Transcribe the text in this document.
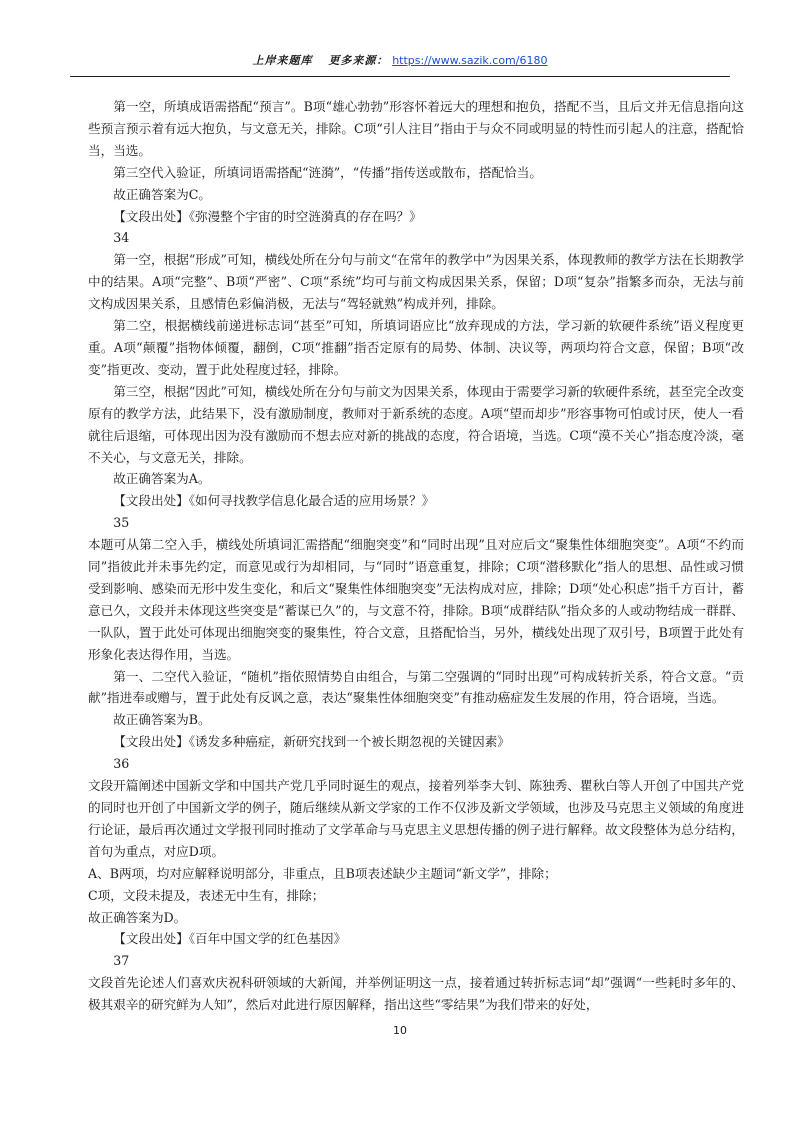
上岸来题库 更多来源： https://www.sazik.com/6180

第一空，所填成语需搭配“预言”。B项“雄心勃勃”形容怀着远大的理想和抱负，搭配不当，且后文并无信息指向这些预言预示着有远大抱负，与文意无关，排除。C项“引人注目”指由于与众不同或明显的特性而引起人的注意，搭配恰当，当选。

第三空代入验证，所填词语需搭配“涟漪”，“传播”指传送或散布，搭配恰当。

故正确答案为C。

【文段出处】《弥漫整个宇宙的时空涟漪真的存在吗？》

34

第一空，根据“形成”可知，横线处所在分句与前文“在常年的教学中”为因果关系，体现教师的教学方法在长期教学中的结果。A项“完整”、B项“严密”、C项“系统”均可与前文构成因果关系，保留；D项“复杂”指繁多而杂，无法与前文构成因果关系，且感情色彩偏消极，无法与“驾轻就熟”构成并列，排除。

第二空，根据横线前递进标志词“甚至”可知，所填词语应比“放弃现成的方法，学习新的软硬件系统”语义程度更重。A项“颠覆”指物体倾覆，翻倒，C项“推翻”指否定原有的局势、体制、决议等，两项均符合文意，保留；B项“改变”指更改、变动，置于此处程度过轻，排除。

第三空，根据“因此”可知，横线处所在分句与前文为因果关系，体现由于需要学习新的软硬件系统，甚至完全改变原有的教学方法，此结果下，没有激励制度，教师对于新系统的态度。A项“望而却步”形容事物可怕或讨厌，使人一看就往后退缩，可体现出因为没有激励而不想去应对新的挑战的态度，符合语境，当选。C项“漠不关心”指态度冷淡，毫不关心，与文意无关，排除。

故正确答案为A。

【文段出处】《如何寻找教学信息化最合适的应用场景？》

35

本题可从第二空入手，横线处所填词汇需搭配“细胞突变”和“同时出现”且对应后文“聚集性体细胞突变”。A项“不约而同”指彼此并未事先约定，而意见或行为却相同，与“同时”语意重复，排除；C项“潜移默化”指人的思想、品性或习惯受到影响、感染而无形中发生变化，和后文“聚集性体细胞突变”无法构成对应，排除；D项“处心积虑”指千方百计，蓄意已久，文段并未体现这些突变是“蓄谋已久”的，与文意不符，排除。B项“成群结队”指众多的人或动物结成一群群、一队队，置于此处可体现出细胞突变的聚集性，符合文意，且搭配恰当，另外，横线处出现了双引号，B项置于此处有形象化表达得作用，当选。

第一、二空代入验证，“随机”指依照情势自由组合，与第二空强调的“同时出现”可构成转折关系，符合文意。“贡献”指进奉或赠与，置于此处有反讽之意，表达“聚集性体细胞突变”有推动癌症发生发展的作用，符合语境，当选。

故正确答案为B。

【文段出处】《诱发多种癌症，新研究找到一个被长期忽视的关键因素》

36

文段开篇阐述中国新文学和中国共产党几乎同时诞生的观点，接着列举李大钊、陈独秀、瞿秋白等人开创了中国共产党的同时也开创了中国新文学的例子，随后继续从新文学家的工作不仅涉及新文学领域，也涉及马克思主义领域的角度进行论证，最后再次通过文学报刊同时推动了文学革命与马克思主义思想传播的例子进行解释。故文段整体为总分结构，首句为重点，对应D项。

A、B两项，均对应解释说明部分，非重点，且B项表述缺少主题词“新文学”，排除；

C项，文段未提及，表述无中生有，排除；

故正确答案为D。

【文段出处】《百年中国文学的红色基因》

37

文段首先论述人们喜欢庆祝科研领域的大新闻，并举例证明这一点，接着通过转折标志词“却”强调“一些耗时多年的、极其艰辛的研究鲜为人知”，然后对此进行原因解释，指出这些“零结果”为我们带来的好处，

10
